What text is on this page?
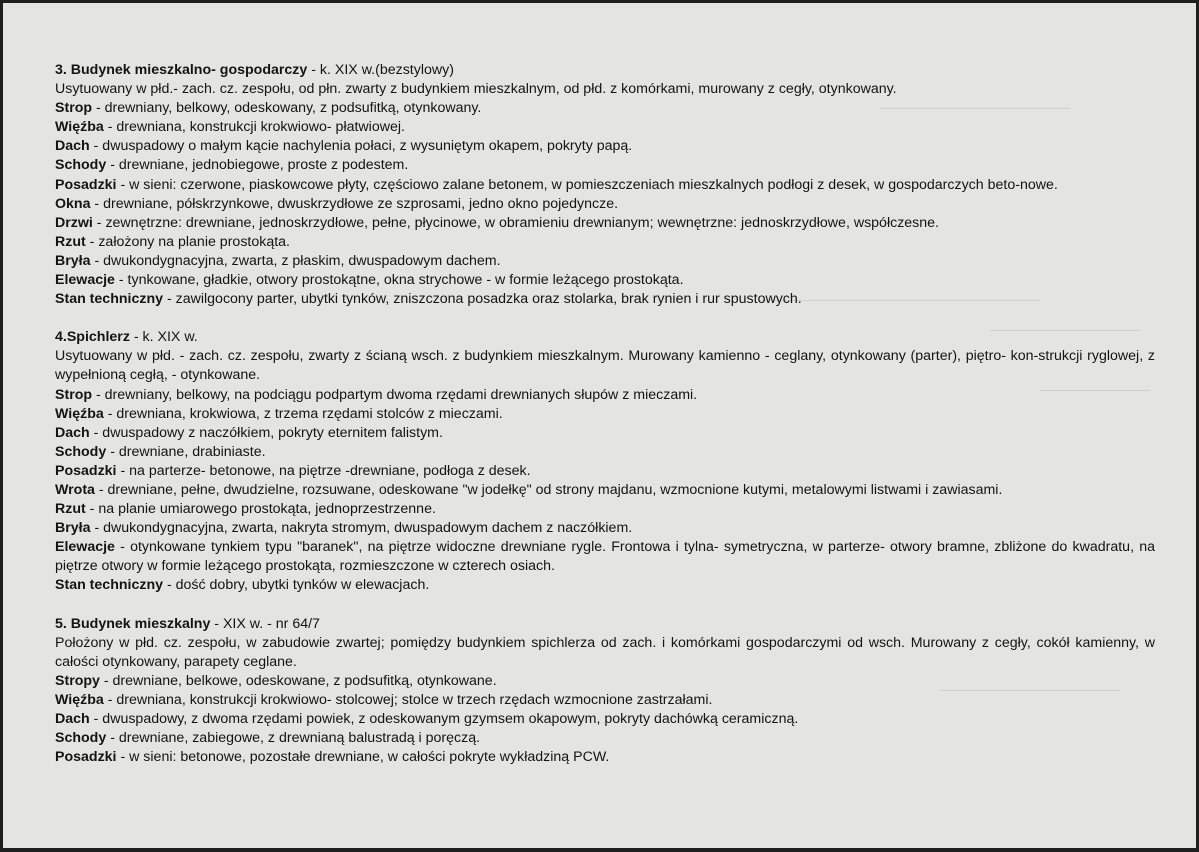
3. Budynek mieszkalno- gospodarczy - k. XIX w.(bezstylowy)

Usytuowany w płd.- zach. cz. zespołu, od płn. zwarty z budynkiem mieszkalnym, od płd. z komórkami, murowany z cegły, otynkowany.

Strop - drewniany, belkowy, odeskowany, z podsufitką, otynkowany.

Więźba - drewniana, konstrukcji krokwiowo- płatwiowej.

Dach - dwuspadowy o małym kącie nachylenia połaci, z wysuniętym okapem, pokryty papą.

Schody - drewniane, jednobiegowe, proste z podestem.

Posadzki - w sieni: czerwone, piaskowcowe płyty, częściowo zalane betonem, w pomieszczeniach mieszkalnych podłogi z desek, w gospodarczych beto-nowe.

Okna - drewniane, półskrzynkowe, dwuskrzydłowe ze szprosami, jedno okno pojedyncze.

Drzwi - zewnętrzne: drewniane, jednoskrzydłowe, pełne, płycinowe, w obramieniu drewnianym; wewnętrzne: jednoskrzydłowe, współczesne.

Rzut - założony na planie prostokąta.

Bryła - dwukondygnacyjna, zwarta, z płaskim, dwuspadowym dachem.

Elewacje - tynkowane, gładkie, otwory prostokątne, okna strychowe - w formie leżącego prostokąta.

Stan techniczny - zawilgocony parter, ubytki tynków, zniszczona posadzka oraz stolarka, brak rynien i rur spustowych.

4.Spichlerz - k. XIX w.

Usytuowany w płd. - zach. cz. zespołu, zwarty z ścianą wsch. z budynkiem mieszkalnym. Murowany kamienno - ceglany, otynkowany (parter), piętro- kon-strukcji ryglowej, z wypełnioną cegłą, - otynkowane.

Strop - drewniany, belkowy, na podciągu podpartym dwoma rzędami drewnianych słupów z mieczami.

Więźba - drewniana, krokwiowa, z trzema rzędami stolców z mieczami.

Dach - dwuspadowy z naczółkiem, pokryty eternitem falistym.

Schody - drewniane, drabiniaste.

Posadzki - na parterze- betonowe, na piętrze -drewniane, podłoga z desek.

Wrota - drewniane, pełne, dwudzielne, rozsuwane, odeskowane "w jodełkę" od strony majdanu, wzmocnione kutymi, metalowymi listwami i zawiasami.

Rzut - na planie umiarowego prostokąta, jednoprzestrzenne.

Bryła - dwukondygnacyjna, zwarta, nakryta stromym, dwuspadowym dachem z naczółkiem.

Elewacje - otynkowane tynkiem typu "baranek", na piętrze widoczne drewniane rygle. Frontowa i tylna- symetryczna, w parterze- otwory bramne, zbliżone do kwadratu, na piętrze otwory w formie leżącego prostokąta, rozmieszczone w czterech osiach.

Stan techniczny - dość dobry, ubytki tynków w elewacjach.

5. Budynek mieszkalny - XIX w. - nr 64/7

Położony w płd. cz. zespołu, w zabudowie zwartej; pomiędzy budynkiem spichlerza od zach. i komórkami gospodarczymi od wsch. Murowany z cegły, cokół kamienny, w całości otynkowany, parapety ceglane.

Stropy - drewniane, belkowe, odeskowane, z podsufitką, otynkowane.

Więźba - drewniana, konstrukcji krokwiowo- stolcowej; stolce w trzech rzędach wzmocnione zastrzałami.

Dach - dwuspadowy, z dwoma rzędami powiek, z odeskowanym gzymsem okapowym, pokryty dachówką ceramiczną.

Schody - drewniane, zabiegowe, z drewnianą balustradą i poręczą.

Posadzki - w sieni: betonowe, pozostałe drewniane, w całości pokryte wykładziną PCW.
